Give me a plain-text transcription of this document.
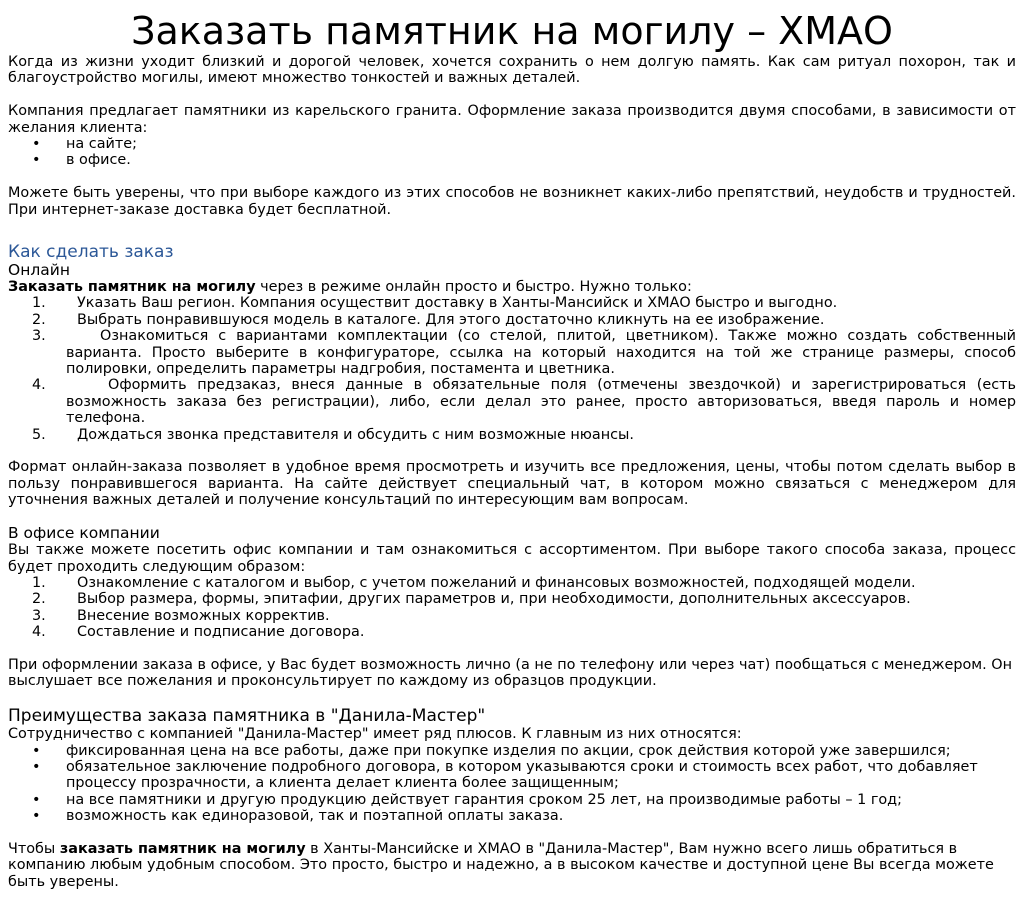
Заказать памятник на могилу – ХМАО

Когда из жизни уходит близкий и дорогой человек, хочется сохранить о нем долгую память. Как сам ритуал похорон, так и благоустройство могилы, имеют множество тонкостей и важных деталей.

Компания предлагает памятники из карельского гранита. Оформление заказа производится двумя способами, в зависимости от желания клиента:

• на сайте;
• в офисе.

Можете быть уверены, что при выборе каждого из этих способов не возникнет каких-либо препятствий, неудобств и трудностей. При интернет-заказе доставка будет бесплатной.

Как сделать заказ
Онлайн

Заказать памятник на могилу через в режиме онлайн просто и быстро. Нужно только:

1. Указать Ваш регион. Компания осуществит доставку в Ханты-Мансийск и ХМАО быстро и выгодно.
2. Выбрать понравившуюся модель в каталоге. Для этого достаточно кликнуть на ее изображение.
3.	Ознакомиться с вариантами комплектации (со стелой, плитой, цветником). Также можно создать собственный варианта. Просто выберите в конфигураторе, ссылка на который находится на той же странице размеры, способ полировки, определить параметры надгробия, постамента и цветника.
4.	Оформить предзаказ, внеся данные в обязательные поля (отмечены звездочкой) и зарегистрироваться (есть возможность заказа без регистрации), либо, если делал это ранее, просто авторизоваться, введя пароль и номер телефона.
5. Дождаться звонка представителя и обсудить с ним возможные нюансы.

Формат онлайн-заказа позволяет в удобное время просмотреть и изучить все предложения, цены, чтобы потом сделать выбор в пользу понравившегося варианта. На сайте действует специальный чат, в котором можно связаться с менеджером для уточнения важных деталей и получение консультаций по интересующим вам вопросам.

В офисе компании

Вы также можете посетить офис компании и там ознакомиться с ассортиментом. При выборе такого способа заказа, процесс будет проходить следующим образом:

1. Ознакомление с каталогом и выбор, с учетом пожеланий и финансовых возможностей, подходящей модели.
2. Выбор размера, формы, эпитафии, других параметров и, при необходимости, дополнительных аксессуаров.
3. Внесение возможных корректив.
4. Составление и подписание договора.

При оформлении заказа в офисе, у Вас будет возможность лично (а не по телефону или через чат) пообщаться с менеджером. Он выслушает все пожелания и проконсультирует по каждому из образцов продукции.

Преимущества заказа памятника в "Данила-Мастер"

Сотрудничество с компанией "Данила-Мастер" имеет ряд плюсов. К главным из них относятся:

• фиксированная цена на все работы, даже при покупке изделия по акции, срок действия которой уже завершился;
• обязательное заключение подробного договора, в котором указываются сроки и стоимость всех работ, что добавляет процессу прозрачности, а клиента делает клиента более защищенным;
• на все памятники и другую продукцию действует гарантия сроком 25 лет, на производимые работы – 1 год;
• возможность как единоразовой, так и поэтапной оплаты заказа.

Чтобы заказать памятник на могилу в Ханты-Мансийске и ХМАО в "Данила-Мастер", Вам нужно всего лишь обратиться в компанию любым удобным способом. Это просто, быстро и надежно, а в высоком качестве и доступной цене Вы всегда можете быть уверены.
